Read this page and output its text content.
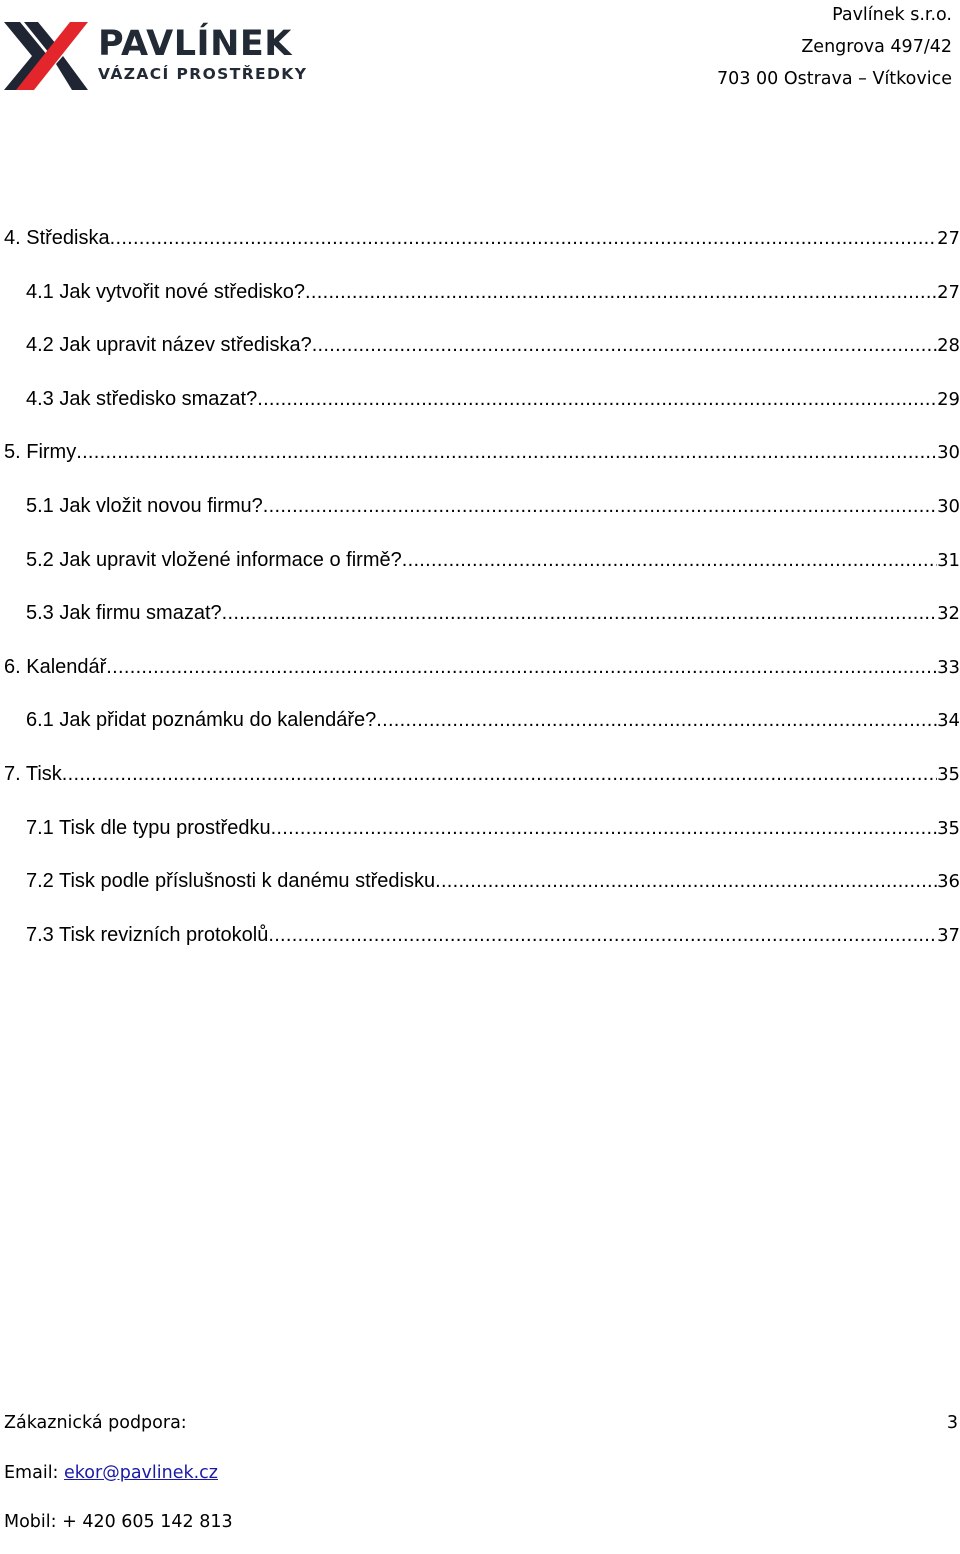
PAVLÍNEK
VÁZACÍ PROSTŘEDKY
Pavlínek s.r.o.
Zengrova 497/42
703 00 Ostrava – Vítkovice
4. Střediska .....	27
4.1 Jak vytvořit nové středisko? .....	27
4.2 Jak upravit název střediska? .....	28
4.3 Jak středisko smazat? .....	29
5. Firmy .....	30
5.1 Jak vložit novou firmu? .....	30
5.2 Jak upravit vložené informace o firmě? .....	31
5.3 Jak firmu smazat? .....	32
6. Kalendář .....	33
6.1 Jak přidat poznámku do kalendáře? .....	34
7. Tisk .....	35
7.1 Tisk dle typu prostředku .....	35
7.2 Tisk podle příslušnosti k danému středisku .....	36
7.3 Tisk revizních protokolů .....	37
Zákaznická podpora:	3
Email: ekor@pavlinek.cz
Mobil: + 420 605 142 813
